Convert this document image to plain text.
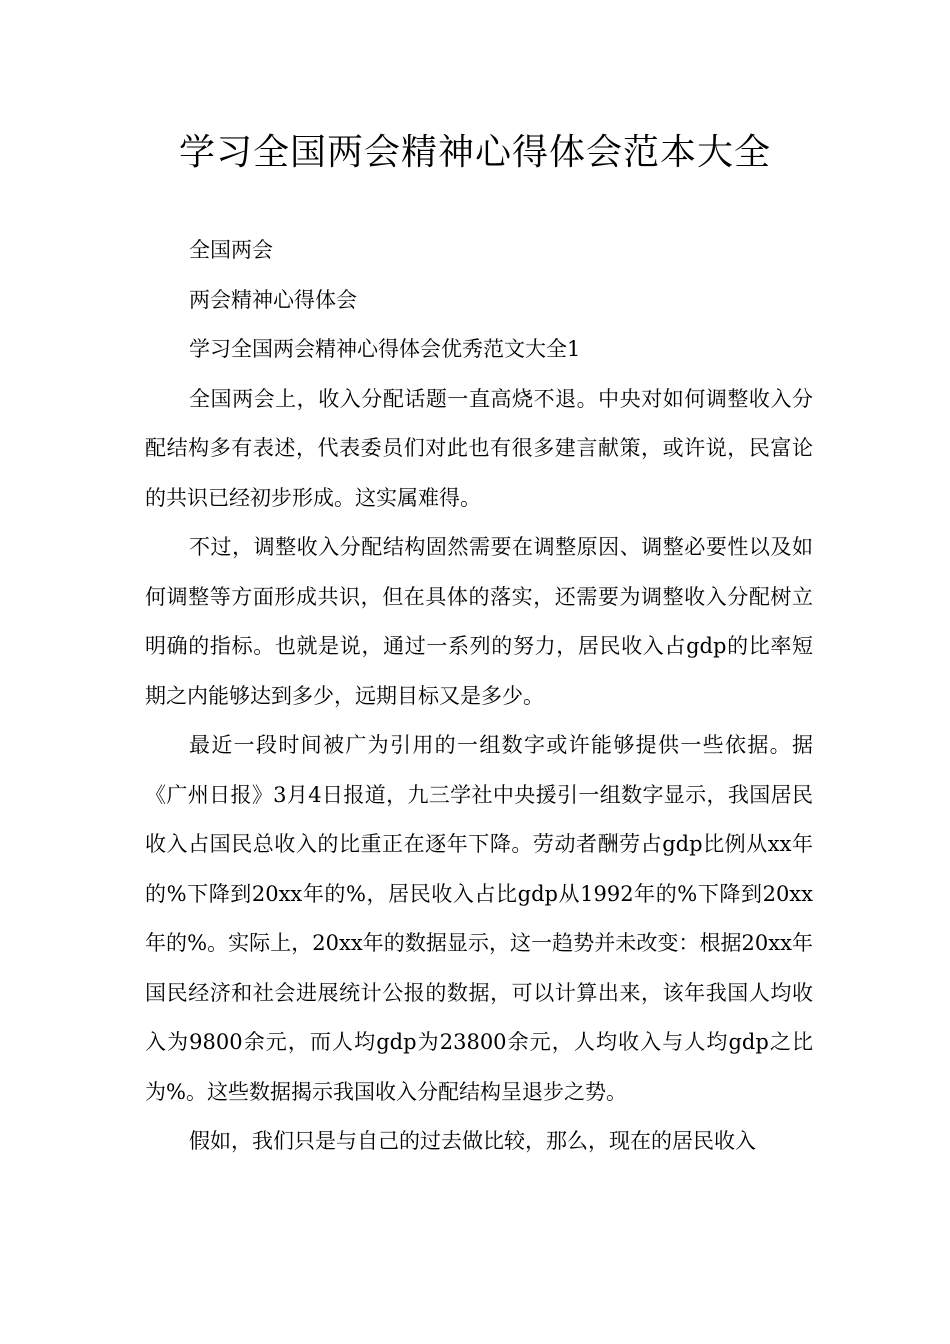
学习全国两会精神心得体会范本大全

全国两会

两会精神心得体会

学习全国两会精神心得体会优秀范文大全1

全国两会上，收入分配话题一直高烧不退。中央对如何调整收入分配结构多有表述，代表委员们对此也有很多建言献策，或许说，民富论的共识已经初步形成。这实属难得。

不过，调整收入分配结构固然需要在调整原因、调整必要性以及如何调整等方面形成共识，但在具体的落实，还需要为调整收入分配树立明确的指标。也就是说，通过一系列的努力，居民收入占gdp的比率短期之内能够达到多少，远期目标又是多少。

最近一段时间被广为引用的一组数字或许能够提供一些依据。据《广州日报》3月4日报道，九三学社中央援引一组数字显示，我国居民收入占国民总收入的比重正在逐年下降。劳动者酬劳占gdp比例从xx年的%下降到20xx年的%，居民收入占比gdp从1992年的%下降到20xx年的%。实际上，20xx年的数据显示，这一趋势并未改变：根据20xx年国民经济和社会进展统计公报的数据，可以计算出来，该年我国人均收入为9800余元，而人均gdp为23800余元，人均收入与人均gdp之比为%。这些数据揭示我国收入分配结构呈退步之势。

假如，我们只是与自己的过去做比较，那么，现在的居民收入
